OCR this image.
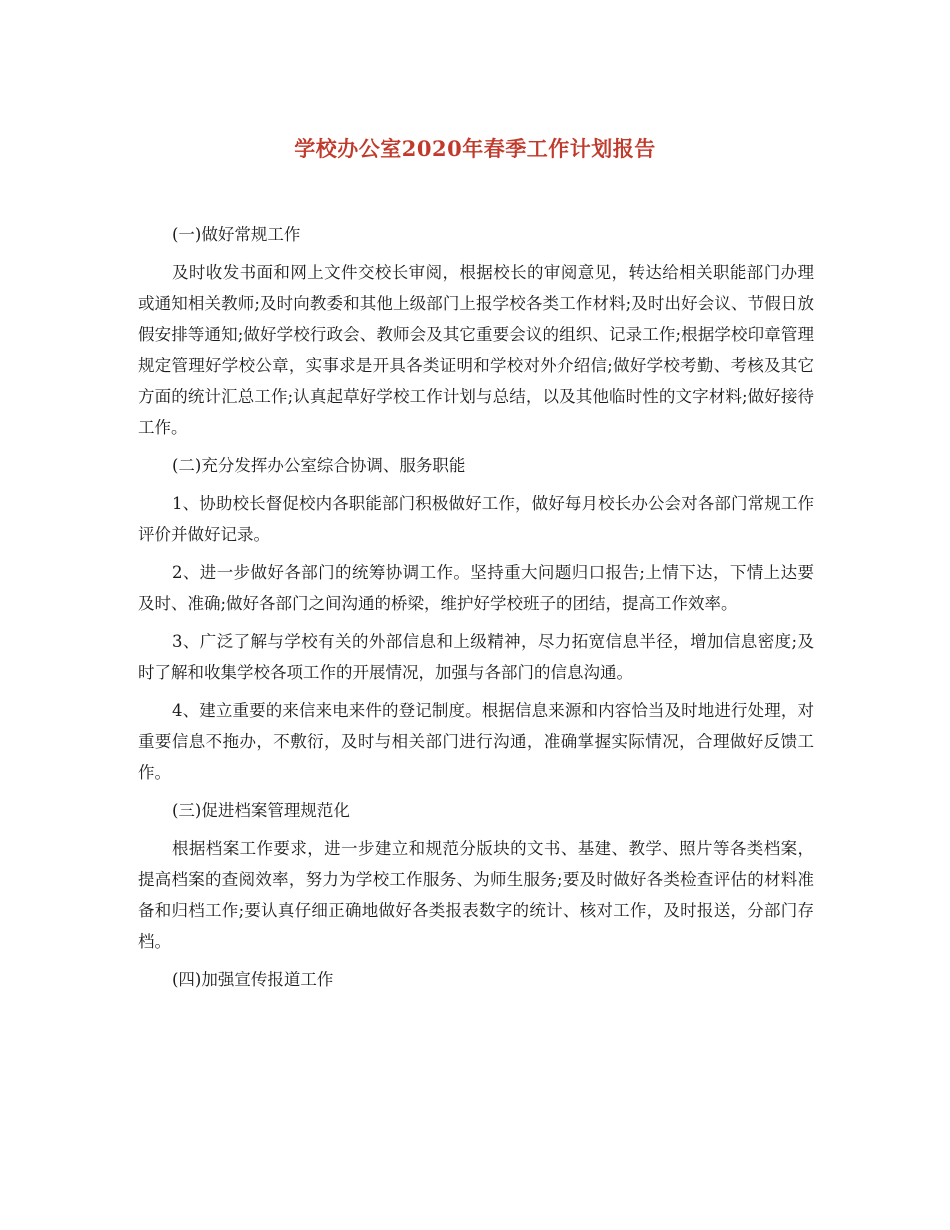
学校办公室2020年春季工作计划报告

(一)做好常规工作

及时收发书面和网上文件交校长审阅，根据校长的审阅意见，转达给相关职能部门办理或通知相关教师;及时向教委和其他上级部门上报学校各类工作材料;及时出好会议、节假日放假安排等通知;做好学校行政会、教师会及其它重要会议的组织、记录工作;根据学校印章管理规定管理好学校公章，实事求是开具各类证明和学校对外介绍信;做好学校考勤、考核及其它方面的统计汇总工作;认真起草好学校工作计划与总结，以及其他临时性的文字材料;做好接待工作。

(二)充分发挥办公室综合协调、服务职能

1、协助校长督促校内各职能部门积极做好工作，做好每月校长办公会对各部门常规工作评价并做好记录。

2、进一步做好各部门的统筹协调工作。坚持重大问题归口报告;上情下达，下情上达要及时、准确;做好各部门之间沟通的桥梁，维护好学校班子的团结，提高工作效率。

3、广泛了解与学校有关的外部信息和上级精神，尽力拓宽信息半径，增加信息密度;及时了解和收集学校各项工作的开展情况，加强与各部门的信息沟通。

4、建立重要的来信来电来件的登记制度。根据信息来源和内容恰当及时地进行处理，对重要信息不拖办，不敷衍，及时与相关部门进行沟通，准确掌握实际情况，合理做好反馈工作。

(三)促进档案管理规范化

根据档案工作要求，进一步建立和规范分版块的文书、基建、教学、照片等各类档案，提高档案的查阅效率，努力为学校工作服务、为师生服务;要及时做好各类检查评估的材料准备和归档工作;要认真仔细正确地做好各类报表数字的统计、核对工作，及时报送，分部门存档。

(四)加强宣传报道工作
